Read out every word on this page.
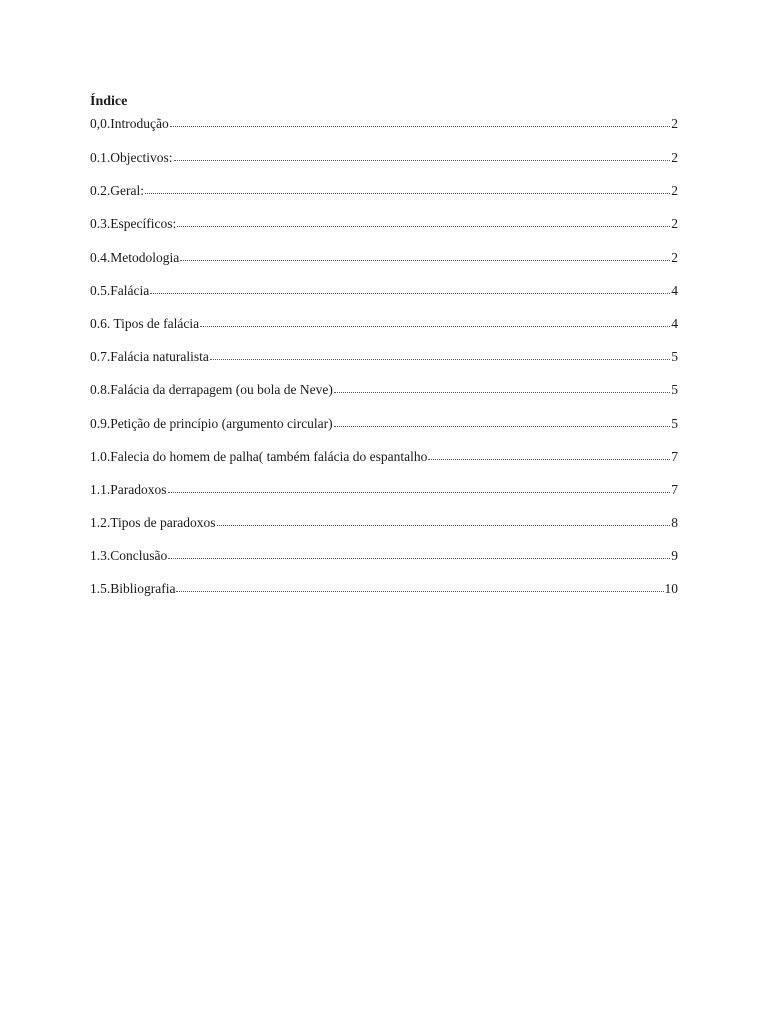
Índice
0,0.Introdução	2
0.1.Objectivos:	2
0.2.Geral:	2
0.3.Específicos:	2
0.4.Metodologia	2
0.5.Falácia	4
0.6. Tipos de falácia	4
0.7.Falácia naturalista	5
0.8.Falácia da derrapagem (ou bola de Neve)	5
0.9.Petição de princípio (argumento circular)	5
1.0.Falecia do homem de palha( também falácia do espantalho	7
1.1.Paradoxos	7
1.2.Tipos de paradoxos	8
1.3.Conclusão	9
1.5.Bibliografia	10
